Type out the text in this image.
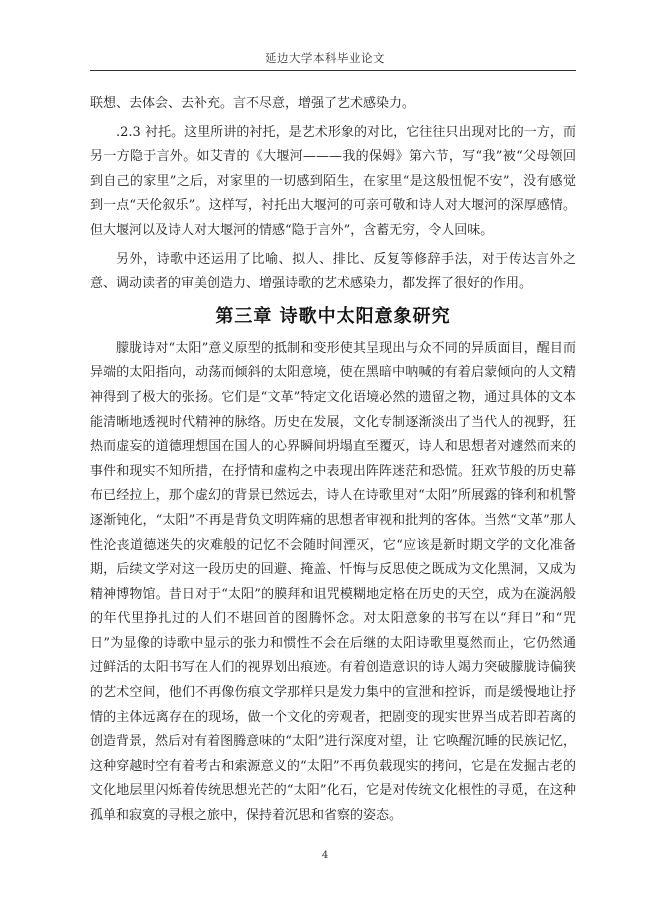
延边大学本科毕业论文

联想、去体会、去补充。言不尽意，增强了艺术感染力。

.2.3 衬托。这里所讲的衬托，是艺术形象的对比，它往往只出现对比的一方，而另一方隐于言外。如艾青的《大堰河———我的保姆》第六节，写“我”被“父母领回到自己的家里”之后，对家里的一切感到陌生，在家里“是这般忸怩不安”，没有感觉到一点“天伦叙乐”。这样写，衬托出大堰河的可亲可敬和诗人对大堰河的深厚感情。但大堰河以及诗人对大堰河的情感“隐于言外”，含蓄无穷，令人回味。

另外，诗歌中还运用了比喻、拟人、排比、反复等修辞手法，对于传达言外之意、调动读者的审美创造力、增强诗歌的艺术感染力，都发挥了很好的作用。

第三章 诗歌中太阳意象研究

朦胧诗对“太阳”意义原型的抵制和变形使其呈现出与众不同的异质面目，醒目而异端的太阳指向，动荡而倾斜的太阳意境，使在黑暗中呐喊的有着启蒙倾向的人文精神得到了极大的张扬。它们是“文革”特定文化语境必然的遗留之物，通过具体的文本能清晰地透视时代精神的脉络。历史在发展，文化专制逐渐淡出了当代人的视野，狂热而虚妄的道德理想国在国人的心界瞬间坍塌直至覆灭，诗人和思想者对遽然而来的事件和现实不知所措，在抒情和虚构之中表现出阵阵迷茫和恐慌。狂欢节般的历史幕布已经拉上，那个虚幻的背景已然远去，诗人在诗歌里对“太阳”所展露的锋利和机警逐渐钝化，“太阳”不再是背负文明阵痛的思想者审视和批判的客体。当然“文革”那人性沦丧道德迷失的灾难般的记忆不会随时间湮灭，它“应该是新时期文学的文化准备期，后续文学对这一段历史的回避、掩盖、忏悔与反思使之既成为文化黑洞，又成为精神博物馆。昔日对于“太阳”的膜拜和诅咒模糊地定格在历史的天空，成为在漩涡般的年代里挣扎过的人们不堪回首的图腾怀念。对太阳意象的书写在以“拜日”和“咒日”为显像的诗歌中显示的张力和惯性不会在后继的太阳诗歌里戛然而止，它仍然通过鲜活的太阳书写在人们的视界划出痕迹。有着创造意识的诗人竭力突破朦胧诗偏狭的艺术空间，他们不再像伤痕文学那样只是发力集中的宣泄和控诉，而是缓慢地让抒情的主体远离存在的现场，做一个文化的旁观者，把剧变的现实世界当成若即若离的创造背景，然后对有着图腾意味的“太阳”进行深度对望，让 它唤醒沉睡的民族记忆，这种穿越时空有着考古和索源意义的“太阳”不再负载现实的拷问，它是在发掘古老的文化地层里闪烁着传统思想光芒的“太阳”化石，它是对传统文化根性的寻觅，在这种孤单和寂寞的寻根之旅中，保持着沉思和省察的姿态。

4
